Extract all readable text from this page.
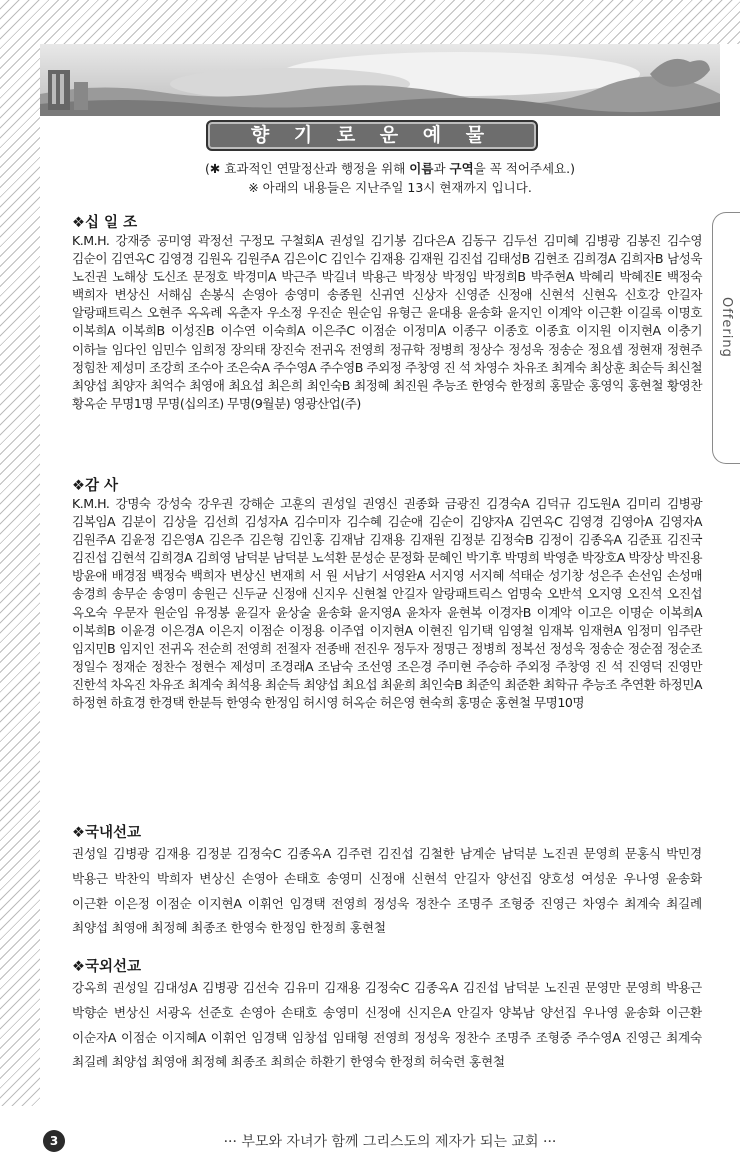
향 기 로 운 예 물
(✱ 효과적인 연말정산과 행정을 위해 이름과 구역을 꼭 적어주세요.)
※ 아래의 내용들은 지난주일 13시 현재까지 입니다.
Offering
❖십 일 조

K.M.H. 강재중 공미영 곽정선 구정모 구철회A 권성일 김기봉 김다은A 김동구 김두선 김미혜 김병광 김봉진 김수영 김순이 김연옥C 김영경 김원옥 김원주A 김은이C 김인수 김재용 김재원 김진섭 김태성B 김현조 김희경A 김희자B 남성욱 노진권 노해상 도신조 문정호 박경미A 박근주 박길녀 박용근 박정상 박정임 박정희B 박주현A 박혜리 박혜진E 백정숙 백희자 변상신 서해심 손봉식 손영아 송영미 송종원 신귀연 신상자 신영준 신정애 신현석 신현옥 신호강 안길자 알랑패트릭스 오현주 옥옥례 옥춘자 우소정 우진순 원순임 유형근 윤대용 윤송화 윤지인 이계악 이근환 이길록 이명호 이복희A 이복희B 이성진B 이수연 이숙희A 이은주C 이점순 이정미A 이종구 이종호 이종효 이지원 이지현A 이충기 이하늘 임다인 임민수 임희정 장의태 장진숙 전귀옥 전영희 정규학 정병희 정상수 정성욱 정송순 정요셉 정현재 정현주 정힘찬 제성미 조강희 조수아 조은숙A 주수영A 주수영B 주외정 주창영 진 석 차영수 차유조 최계숙 최상훈 최순득 최신철 최양섭 최양자 최억수 최영애 최요섭 최은희 최인숙B 최정혜 최진원 추능조 한영숙 한정희 홍말순 홍영익 홍현철 황영찬 황옥순 무명1명 무명(십의조) 무명(9월분) 영광산업(주)

❖감 사

K.M.H. 강명숙 강성숙 강우권 강해순 고훈의 권성일 권영신 권종화 금광진 김경숙A 김덕규 김도원A 김미리 김병광 김복임A 김분이 김상을 김선희 김성자A 김수미자 김수혜 김순애 김순이 김양자A 김연옥C 김영경 김영아A 김영자A 김원주A 김윤정 김은영A 김은주 김은형 김인홍 김재남 김재용 김재원 김정분 김정숙B 김정이 김종옥A 김준표 김진국 김진섭 김현석 김희경A 김희영 남덕분 남덕분 노석환 문성순 문정화 문혜인 박기후 박명희 박영춘 박장호A 박장상 박진용 방윤애 배경점 백정숙 백희자 변상신 변재희 서 원 서남기 서영완A 서지영 서지혜 석태순 성기창 성은주 손선임 손성매 송경희 송무순 송영미 송원근 신두균 신정애 신지우 신현철 안길자 알랑패트릭스 엄명숙 오반석 오지영 오진석 오진섭 옥오숙 우문자 원순임 유정봉 윤길자 윤상술 윤송화 윤지영A 윤차자 윤현복 이경자B 이계악 이고은 이명순 이복희A 이복희B 이윤경 이은경A 이은지 이점순 이정용 이주엽 이지현A 이현진 임기택 임영철 임재복 임재현A 임정미 임주란 임지민B 임지인 전귀옥 전순희 전영희 전절자 전종배 전진우 정두자 정명근 정병희 정복선 정성욱 정송순 정순점 정순조 정일수 정재순 정찬수 정현수 제성미 조경래A 조남숙 조선영 조은경 주미현 주승하 주외정 주창영 진 석 진영덕 진영만 진한석 차옥진 차유조 최계숙 최석용 최순득 최양섭 최요섭 최윤희 최인숙B 최준익 최준환 최학규 추능조 추연환 하정민A 하정현 하효경 한경택 한분득 한영숙 한정임 허시영 허옥순 허은영 현숙희 홍명순 홍현철 무명10명

❖국내선교

권성일 김병광 김재용 김정분 김정숙C 김종옥A 김주련 김진섭 김철한 남계순 남덕분 노진권 문영희 문홍식 박민경 박용근 박찬익 박희자 변상신 손영아 손태호 송영미 신정애 신현석 안길자 양선집 양호성 여성운 우나영 윤송화 이근환 이은정 이점순 이지현A 이휘언 임경택 전영희 정성욱 정찬수 조명주 조형중 진영근 차영수 최계숙 최길례 최양섭 최영애 최정혜 최종조 한영숙 한정임 한정희 홍현철

❖국외선교

강옥희 권성일 김대성A 김병광 김선숙 김유미 김재용 김정숙C 김종옥A 김진섭 남덕분 노진권 문영만 문영희 박용근 박향순 변상신 서광옥 선준호 손영아 손태호 송영미 신정애 신지은A 안길자 양복남 양선집 우나영 윤송화 이근환 이순자A 이점순 이지혜A 이휘언 임경택 임창섭 임태형 전영희 정성욱 정찬수 조명주 조형중 주수영A 진영근 최계숙 최길례 최양섭 최영애 최정혜 최종조 최희순 하환기 한영숙 한정희 허숙련 홍현철

3	··· 부모와 자녀가 함께 그리스도의 제자가 되는 교회 ···
